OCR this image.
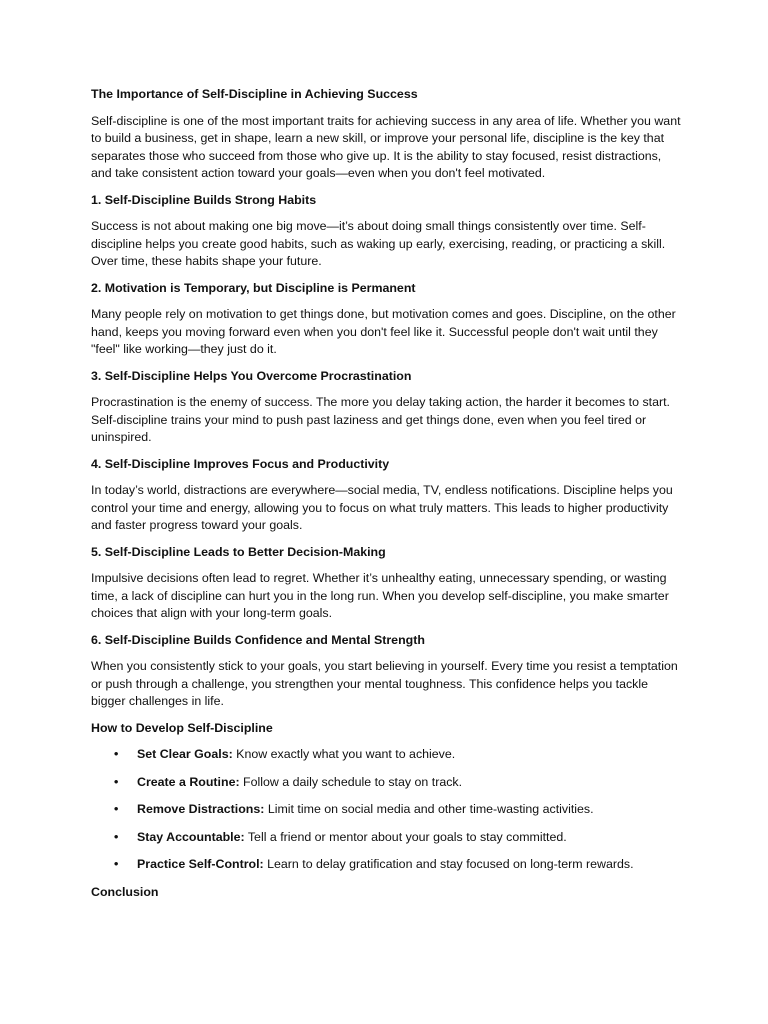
The Importance of Self-Discipline in Achieving Success

Self-discipline is one of the most important traits for achieving success in any area of life. Whether you want to build a business, get in shape, learn a new skill, or improve your personal life, discipline is the key that separates those who succeed from those who give up. It is the ability to stay focused, resist distractions, and take consistent action toward your goals—even when you don't feel motivated.

1. Self-Discipline Builds Strong Habits

Success is not about making one big move—it’s about doing small things consistently over time. Self-discipline helps you create good habits, such as waking up early, exercising, reading, or practicing a skill. Over time, these habits shape your future.

2. Motivation is Temporary, but Discipline is Permanent

Many people rely on motivation to get things done, but motivation comes and goes. Discipline, on the other hand, keeps you moving forward even when you don't feel like it. Successful people don't wait until they "feel" like working—they just do it.

3. Self-Discipline Helps You Overcome Procrastination

Procrastination is the enemy of success. The more you delay taking action, the harder it becomes to start. Self-discipline trains your mind to push past laziness and get things done, even when you feel tired or uninspired.

4. Self-Discipline Improves Focus and Productivity

In today’s world, distractions are everywhere—social media, TV, endless notifications. Discipline helps you control your time and energy, allowing you to focus on what truly matters. This leads to higher productivity and faster progress toward your goals.

5. Self-Discipline Leads to Better Decision-Making

Impulsive decisions often lead to regret. Whether it’s unhealthy eating, unnecessary spending, or wasting time, a lack of discipline can hurt you in the long run. When you develop self-discipline, you make smarter choices that align with your long-term goals.

6. Self-Discipline Builds Confidence and Mental Strength

When you consistently stick to your goals, you start believing in yourself. Every time you resist a temptation or push through a challenge, you strengthen your mental toughness. This confidence helps you tackle bigger challenges in life.

How to Develop Self-Discipline
• Set Clear Goals: Know exactly what you want to achieve.
• Create a Routine: Follow a daily schedule to stay on track.
• Remove Distractions: Limit time on social media and other time-wasting activities.
• Stay Accountable: Tell a friend or mentor about your goals to stay committed.
• Practice Self-Control: Learn to delay gratification and stay focused on long-term rewards.
Conclusion
